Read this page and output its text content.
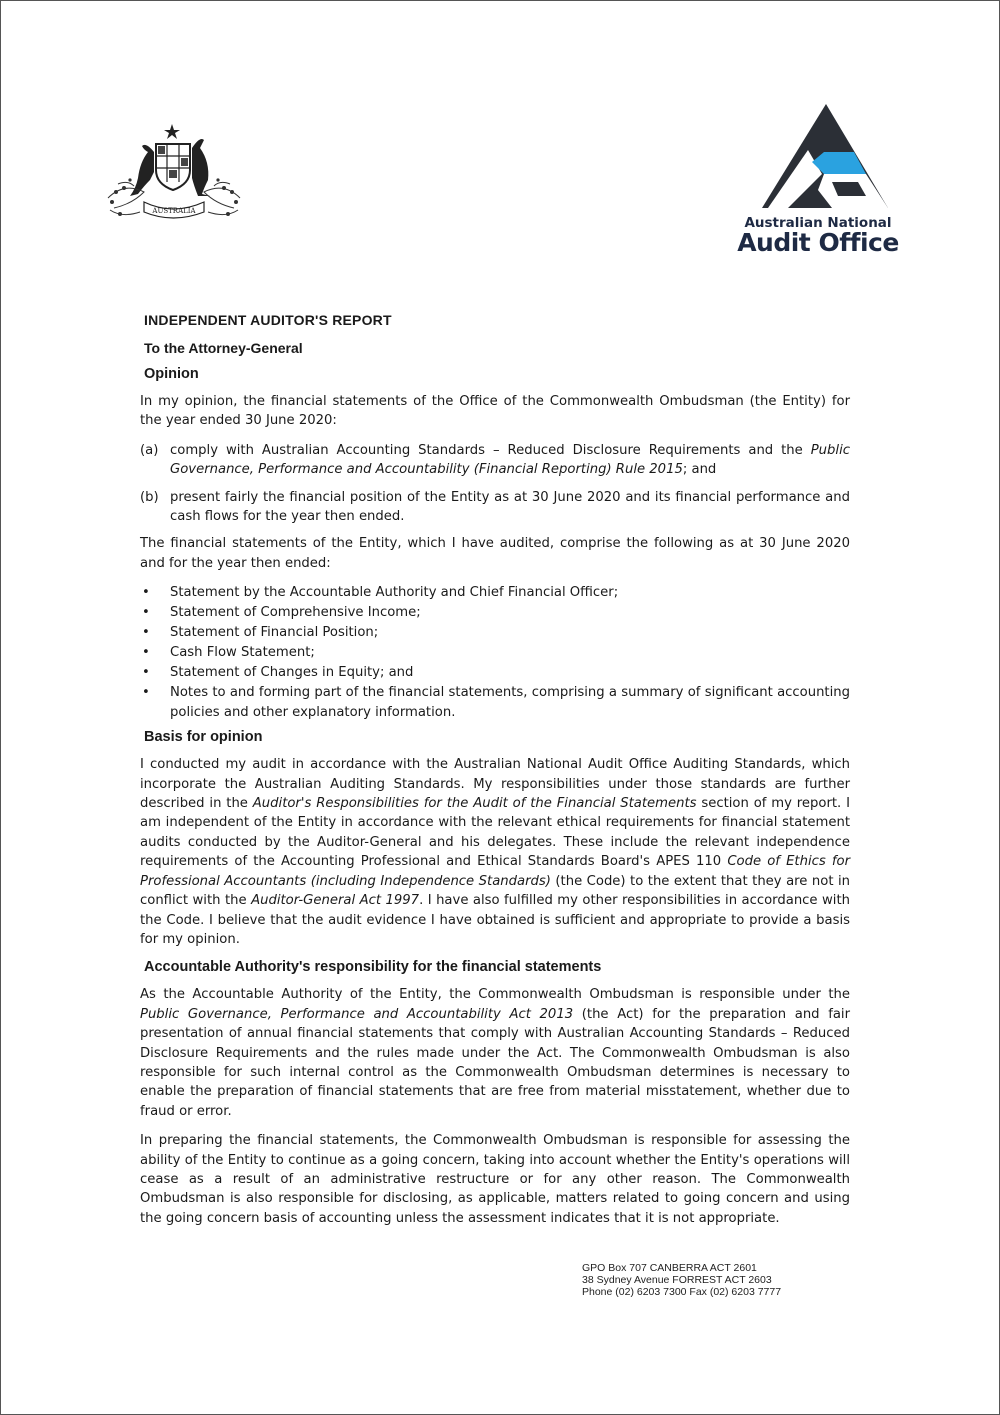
AUSTRALIA
Australian National
Audit Office
INDEPENDENT AUDITOR'S REPORT
To the Attorney-General
Opinion

In my opinion, the financial statements of the Office of the Commonwealth Ombudsman (the Entity) for the year ended 30 June 2020:

(a) comply with Australian Accounting Standards – Reduced Disclosure Requirements and the Public Governance, Performance and Accountability (Financial Reporting) Rule 2015; and
(b) present fairly the financial position of the Entity as at 30 June 2020 and its financial performance and cash flows for the year then ended.

The financial statements of the Entity, which I have audited, comprise the following as at 30 June 2020 and for the year then ended:

•	Statement by the Accountable Authority and Chief Financial Officer;
•	Statement of Comprehensive Income;
•	Statement of Financial Position;
•	Cash Flow Statement;
•	Statement of Changes in Equity; and
•	Notes to and forming part of the financial statements, comprising a summary of significant accounting policies and other explanatory information.
Basis for opinion

I conducted my audit in accordance with the Australian National Audit Office Auditing Standards, which incorporate the Australian Auditing Standards. My responsibilities under those standards are further described in the Auditor's Responsibilities for the Audit of the Financial Statements section of my report. I am independent of the Entity in accordance with the relevant ethical requirements for financial statement audits conducted by the Auditor-General and his delegates. These include the relevant independence requirements of the Accounting Professional and Ethical Standards Board's APES 110 Code of Ethics for Professional Accountants (including Independence Standards) (the Code) to the extent that they are not in conflict with the Auditor-General Act 1997. I have also fulfilled my other responsibilities in accordance with the Code. I believe that the audit evidence I have obtained is sufficient and appropriate to provide a basis for my opinion.

Accountable Authority's responsibility for the financial statements

As the Accountable Authority of the Entity, the Commonwealth Ombudsman is responsible under the Public Governance, Performance and Accountability Act 2013 (the Act) for the preparation and fair presentation of annual financial statements that comply with Australian Accounting Standards – Reduced Disclosure Requirements and the rules made under the Act. The Commonwealth Ombudsman is also responsible for such internal control as the Commonwealth Ombudsman determines is necessary to enable the preparation of financial statements that are free from material misstatement, whether due to fraud or error.

In preparing the financial statements, the Commonwealth Ombudsman is responsible for assessing the ability of the Entity to continue as a going concern, taking into account whether the Entity's operations will cease as a result of an administrative restructure or for any other reason. The Commonwealth Ombudsman is also responsible for disclosing, as applicable, matters related to going concern and using the going concern basis of accounting unless the assessment indicates that it is not appropriate.

GPO Box 707 CANBERRA ACT 2601
38 Sydney Avenue FORREST ACT 2603
Phone (02) 6203 7300 Fax (02) 6203 7777
